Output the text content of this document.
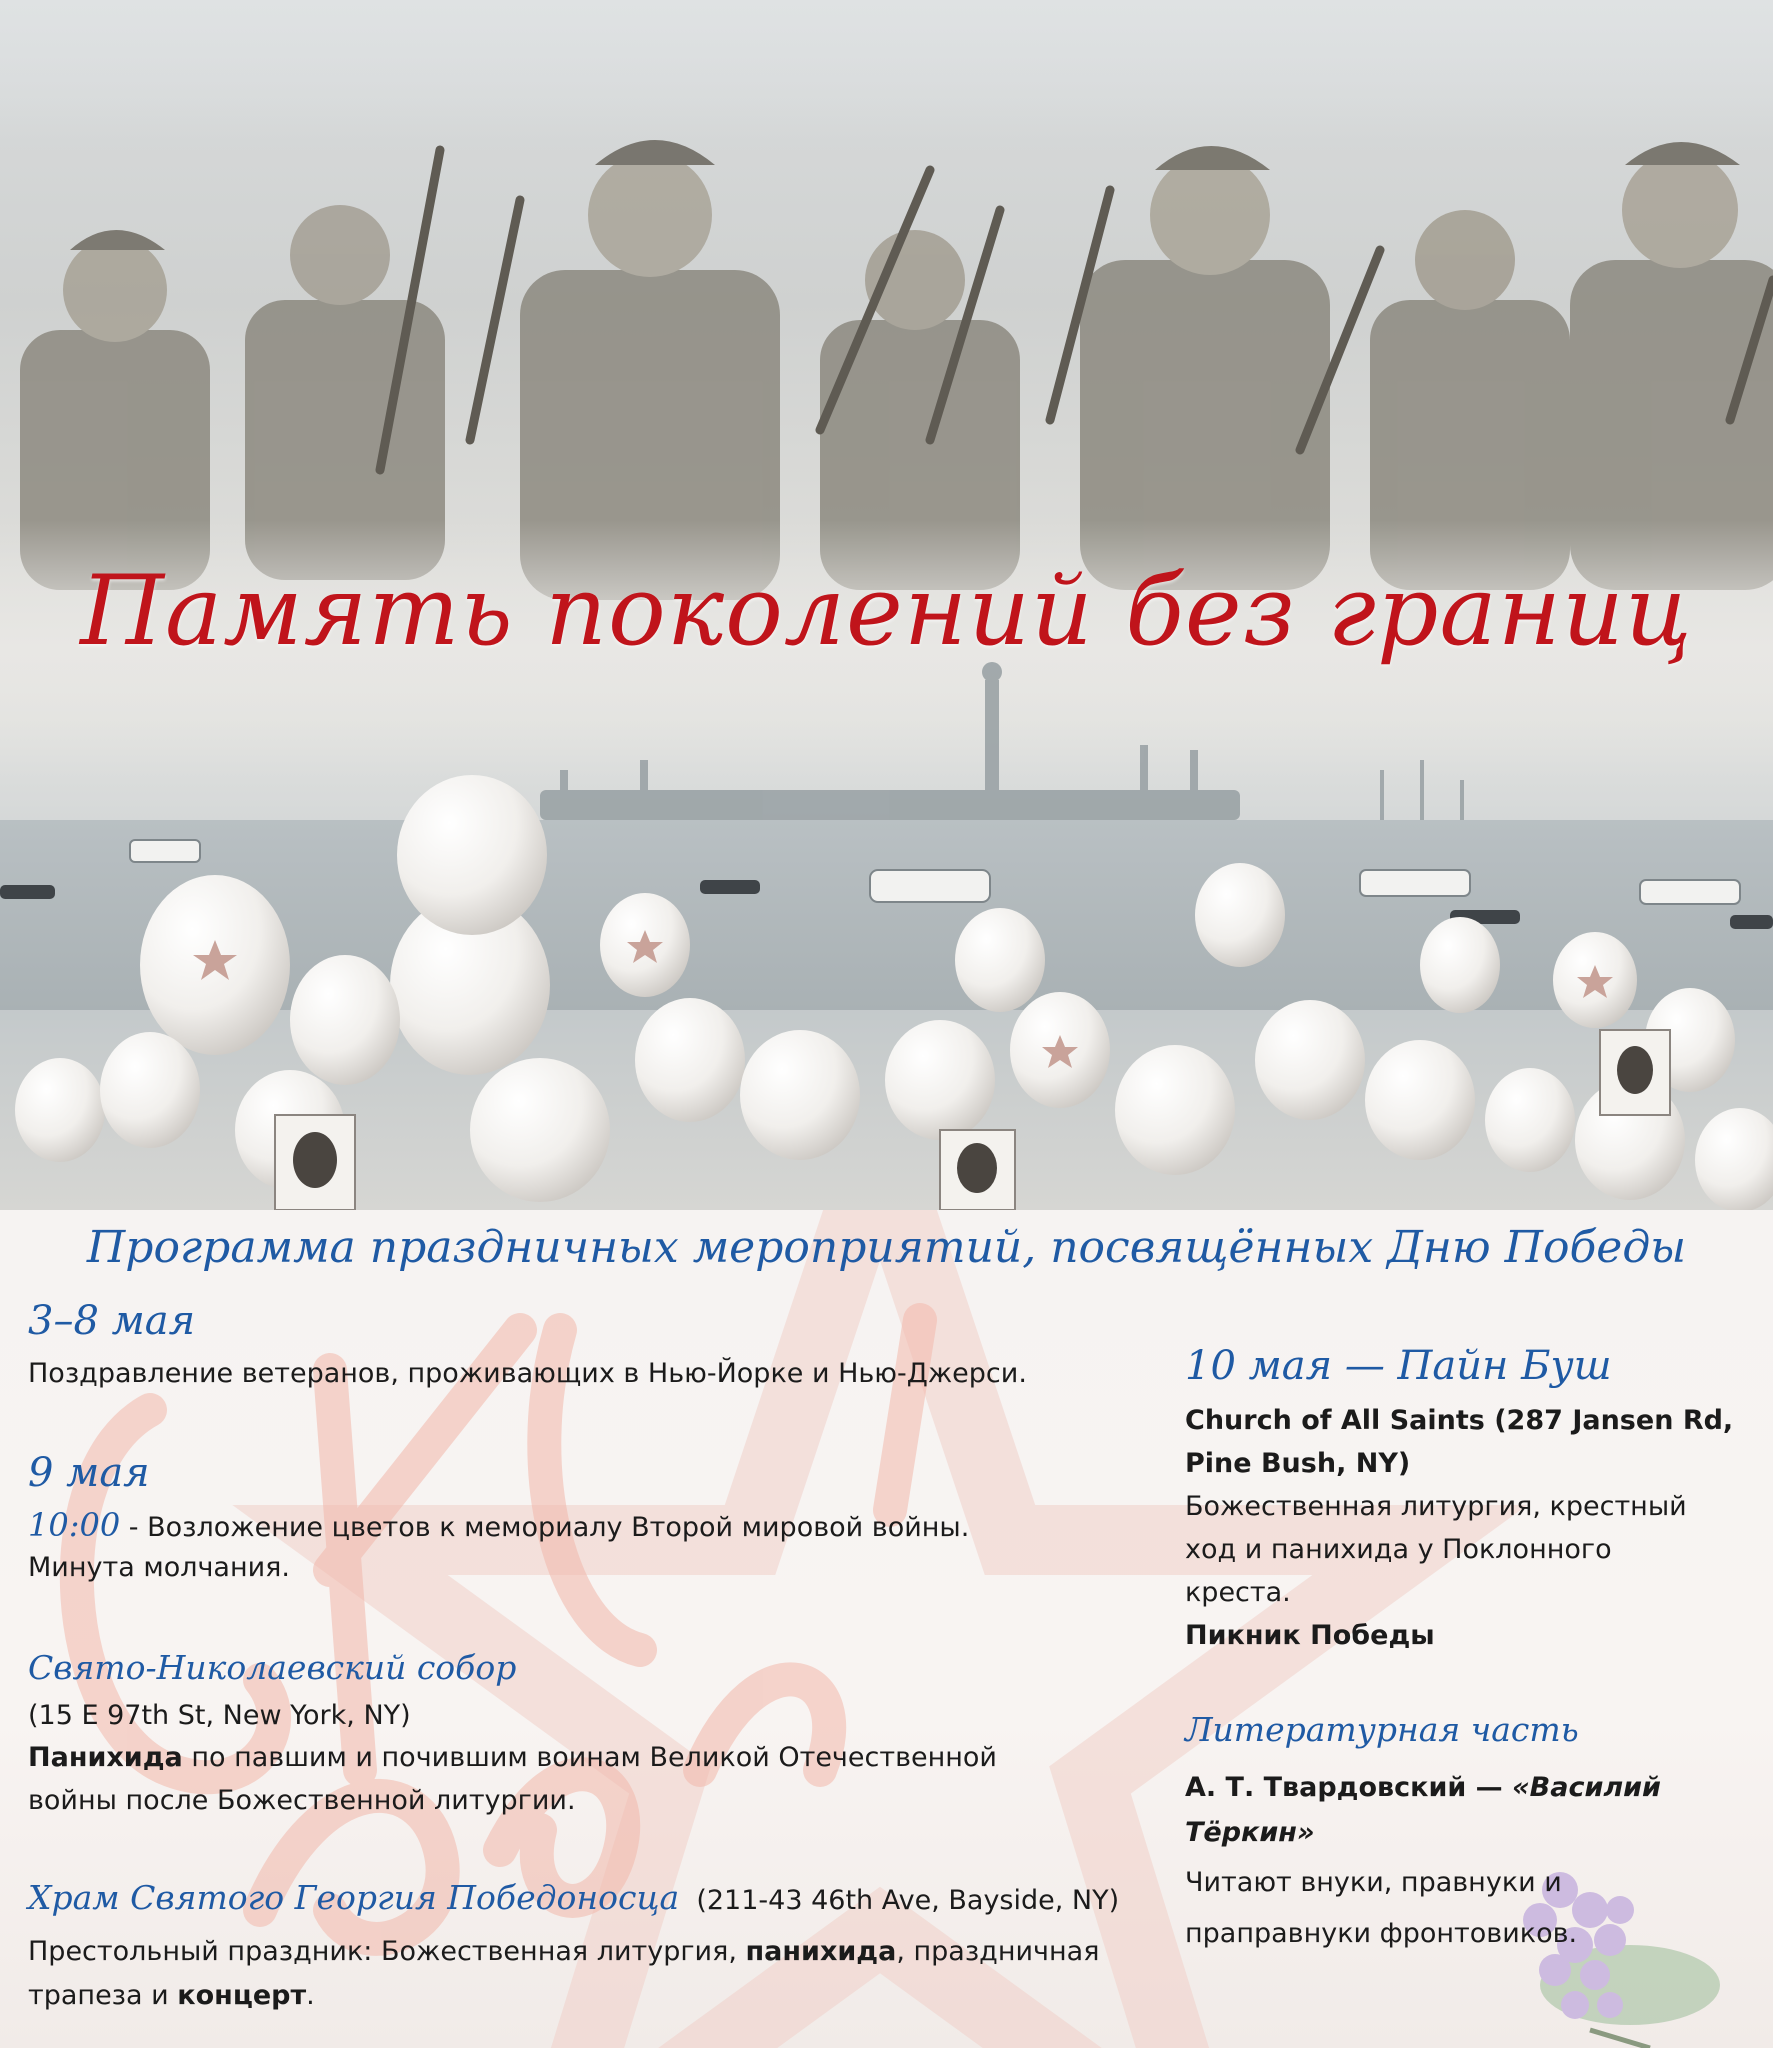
Память поколений без границ
Программа праздничных мероприятий, посвящённых Дню Победы
3–8 мая
Поздравление ветеранов, проживающих в Нью-Йорке и Нью-Джерси.
9 мая
10:00 - Возложение цветов к мемориалу Второй мировой войны.
Минута молчания.
Свято-Николаевский собор
(15 E 97th St, New York, NY)
Панихида по павшим и почившим воинам Великой Отечественной
войны после Божественной литургии.
Храм Святого Георгия Победоносца (211-43 46th Ave, Bayside, NY)
Престольный праздник: Божественная литургия, панихида, праздничная
трапеза и концерт.
10 мая — Пайн Буш
Church of All Saints (287 Jansen Rd,
Pine Bush, NY)
Божественная литургия, крестный
ход и панихида у Поклонного
креста.
Пикник Победы
Литературная часть
А. Т. Твардовский — «Василий
Тёркин»
Читают внуки, правнуки и
праправнуки фронтовиков.
